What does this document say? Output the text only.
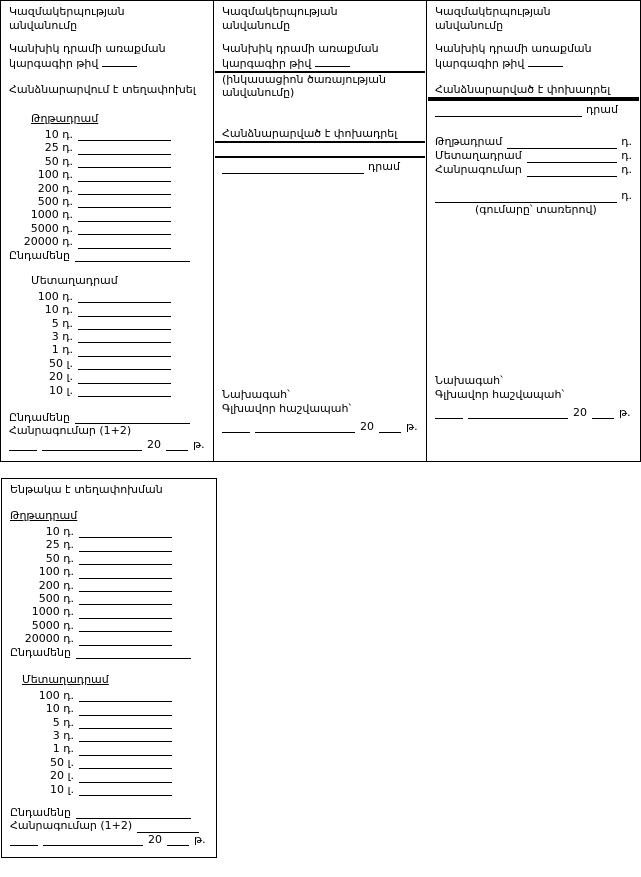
Կազմակերպության
անվանումը
Կանխիկ դրամի առաքման
կարգագիր թիվ
Հանձնարարվում է տեղափոխել
Թղթադրամ
10 դ.
25 դ.
50 դ.
100 դ.
200 դ.
500 դ.
1000 դ.
5000 դ.
20000 դ.
Ընդամենը
Մետաղադրամ
100 դ.
10 դ.
5 դ.
3 դ.
1 դ.
50 լ.
20 լ.
10 լ.
Ընդամենը
Հանրագումար (1+2)
20	թ.
Կազմակերպության
անվանումը
Կանխիկ դրամի առաքման
կարգագիր թիվ
(ինկասացիոն ծառայության անվանումը)
Հանձնարարված է փոխադրել
դրամ
Նախագահ՝
Գլխավոր հաշվապահ՝
20	թ.
Կազմակերպության
անվանումը
Կանխիկ դրամի առաքման
կարգագիր թիվ
Հանձնարարված է փոխադրել
դրամ
Թղթադրամ	դ.
Մետաղադրամ	դ.
Հանրագումար	դ.
դ.
(գումարը՝ տառերով)
Նախագահ՝
Գլխավոր հաշվապահ՝
20	թ.
Ենթակա է տեղափոխման
Թղթադրամ
10 դ.
25 դ.
50 դ.
100 դ.
200 դ.
500 դ.
1000 դ.
5000 դ.
20000 դ.
Ընդամենը
Մետաղադրամ
100 դ.
10 դ.
5 դ.
3 դ.
1 դ.
50 լ.
20 լ.
10 լ.
Ընդամենը
Հանրագումար (1+2)
20	թ.
